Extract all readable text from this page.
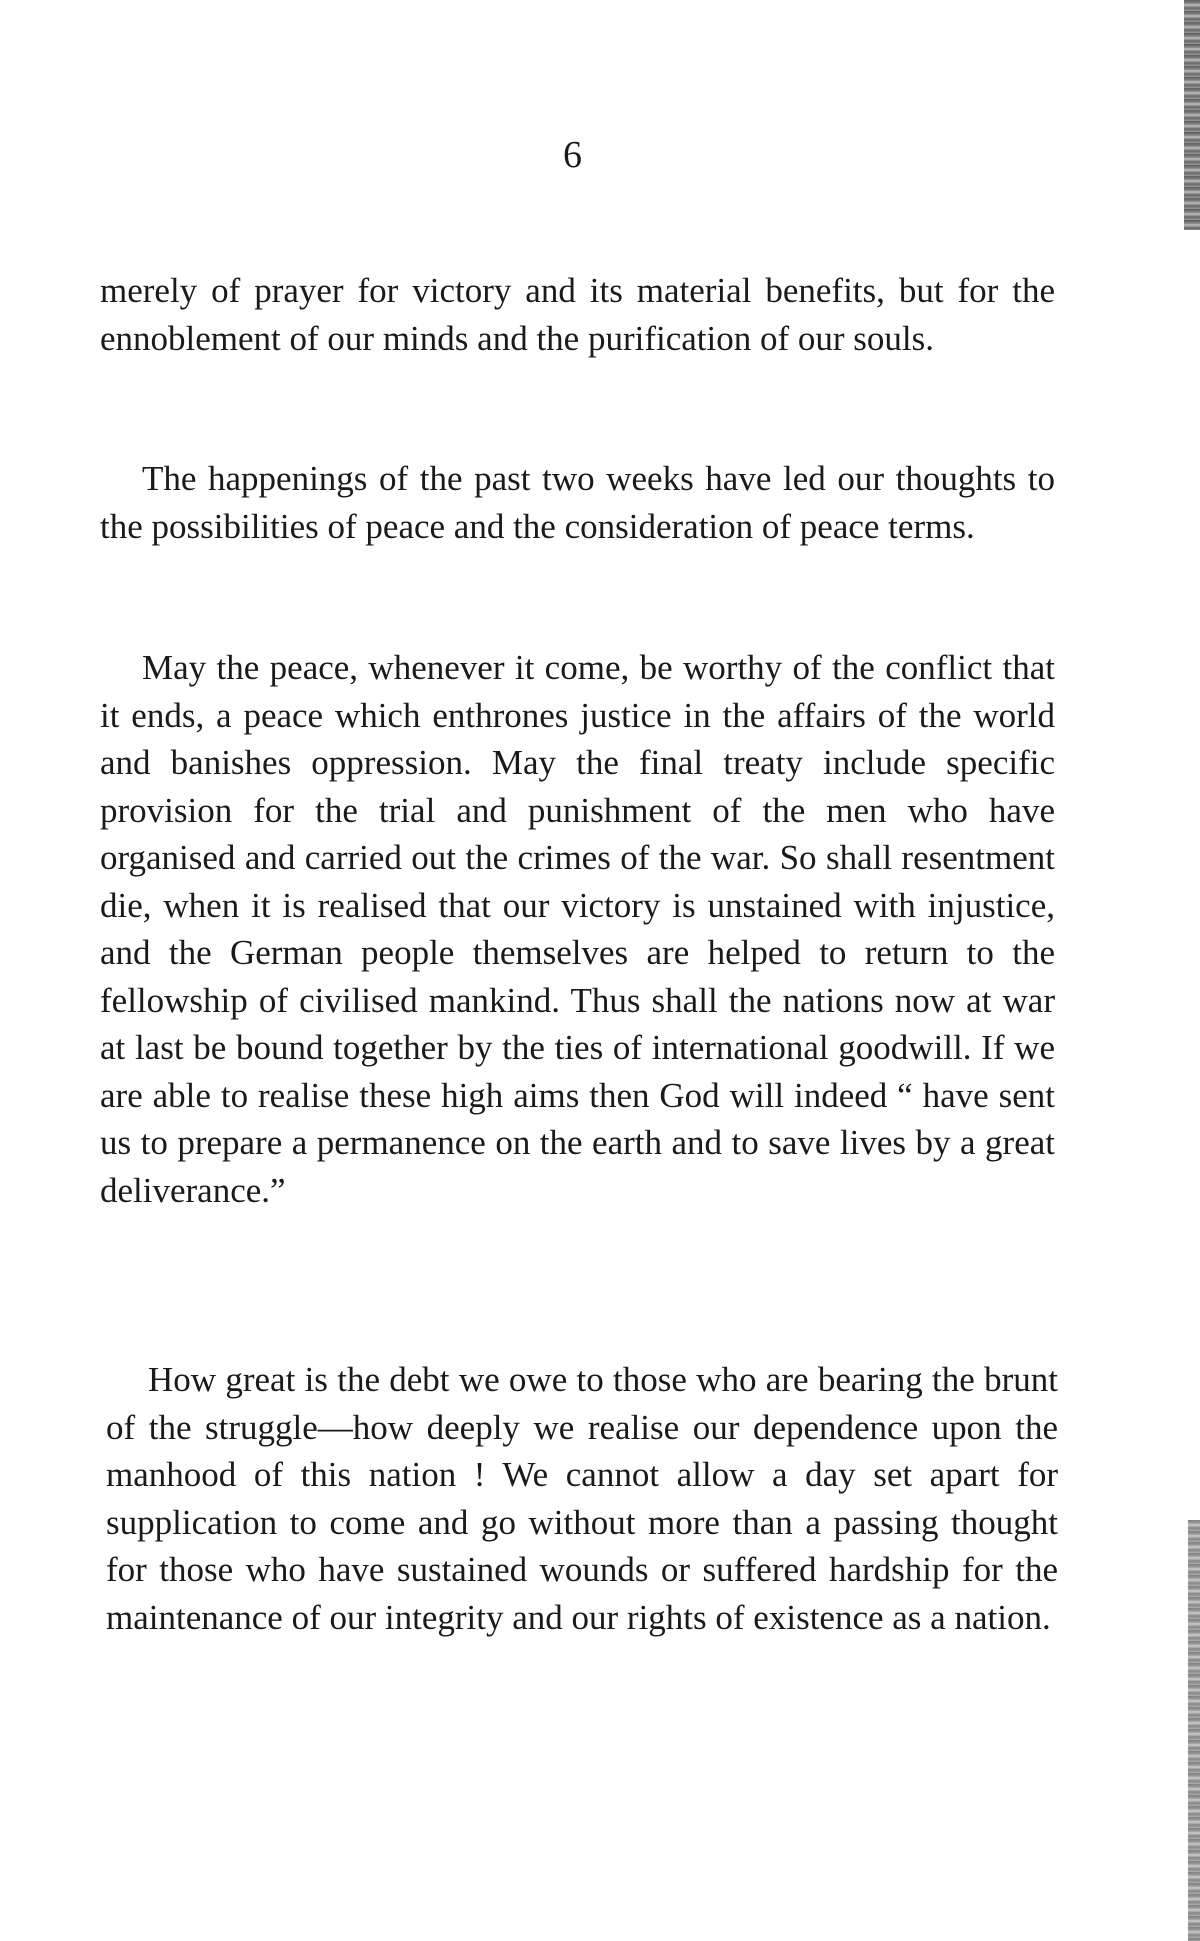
6

merely of prayer for victory and its material benefits, but for the ennoblement of our minds and the purification of our souls.

The happenings of the past two weeks have led our thoughts to the possibilities of peace and the consideration of peace terms.

May the peace, whenever it come, be worthy of the conflict that it ends, a peace which enthrones justice in the affairs of the world and banishes oppression. May the final treaty include specific provision for the trial and punishment of the men who have organised and carried out the crimes of the war. So shall resentment die, when it is realised that our victory is unstained with injustice, and the German people themselves are helped to return to the fellowship of civilised mankind. Thus shall the nations now at war at last be bound together by the ties of international goodwill. If we are able to realise these high aims then God will indeed “ have sent us to prepare a permanence on the earth and to save lives by a great deliverance.”

How great is the debt we owe to those who are bearing the brunt of the struggle—how deeply we realise our dependence upon the manhood of this nation ! We cannot allow a day set apart for supplication to come and go without more than a passing thought for those who have sustained wounds or suffered hardship for the maintenance of our integrity and our rights of existence as a nation.
